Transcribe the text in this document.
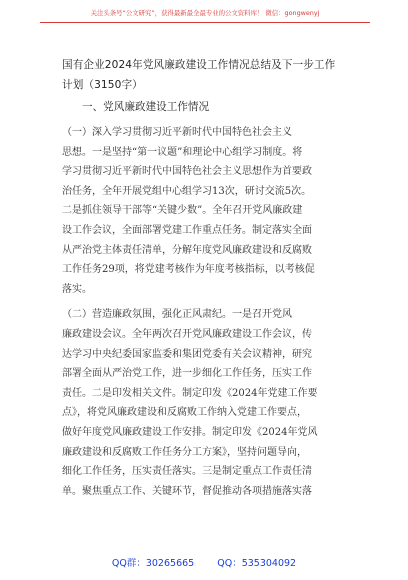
关注头条号“公文研究”，获得最新最全最专业的公文资料库！ 微信：gongwenyj
国有企业2024年党风廉政建设工作情况总结及下一步工作
计划（3150字）
一、党风廉政建设工作情况
（一）深入学习贯彻习近平新时代中国特色社会主义
思想。一是坚持“第一议题”和理论中心组学习制度。将
学习贯彻习近平新时代中国特色社会主义思想作为首要政
治任务，全年开展党组中心组学习13次，研讨交流5次。
二是抓住领导干部等“关键少数”。全年召开党风廉政建
设工作会议，全面部署党建工作重点任务。制定落实全面
从严治党主体责任清单，分解年度党风廉政建设和反腐败
工作任务29项，将党建考核作为年度考核指标，以考核促
落实。
（二）营造廉政氛围，强化正风肃纪。一是召开党风
廉政建设会议。全年两次召开党风廉政建设工作会议，传
达学习中央纪委国家监委和集团党委有关会议精神，研究
部署全面从严治党工作，进一步细化工作任务，压实工作
责任。二是印发相关文件。制定印发《2024年党建工作要
点》，将党风廉政建设和反腐败工作纳入党建工作要点，
做好年度党风廉政建设工作安排。制定印发《2024年党风
廉政建设和反腐败工作任务分工方案》，坚持问题导向，
细化工作任务，压实责任落实。三是制定重点工作责任清
单。聚焦重点工作、关键环节，督促推动各项措施落实落
QQ群：30265665 QQ：535304092
